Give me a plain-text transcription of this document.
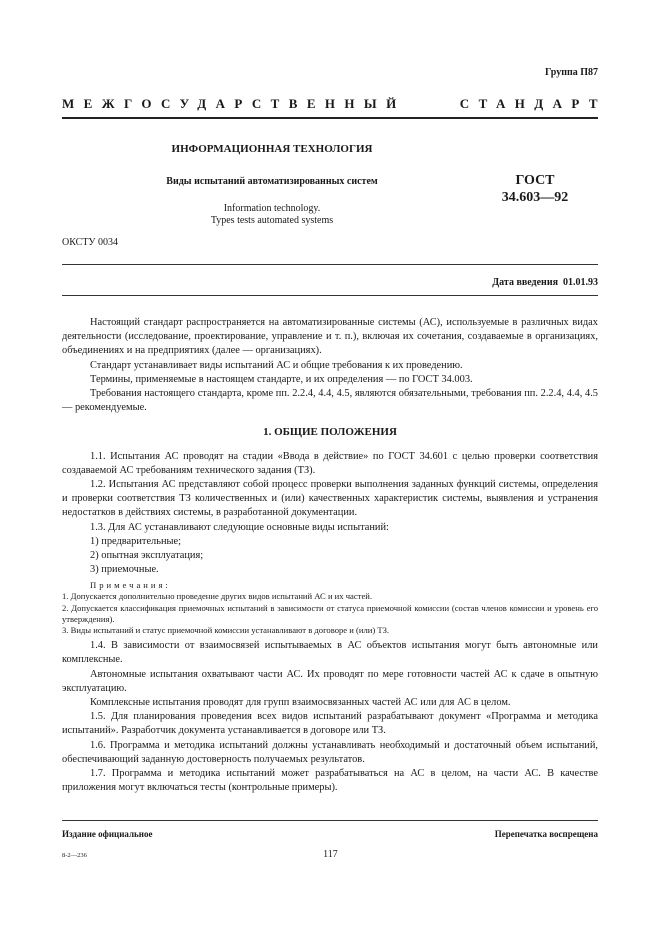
Группа П87

МЕЖГОСУДАРСТВЕННЫЙ	СТАНДАРТ

ИНФОРМАЦИОННАЯ ТЕХНОЛОГИЯ

Виды испытаний автоматизированных систем

Information technology.
Types tests automated systems
ГОСТ
34.603—92

ОКСТУ 0034

Дата введения 01.01.93

Настоящий стандарт распространяется на автоматизированные системы (АС), используемые в различных видах деятельности (исследование, проектирование, управление и т. п.), включая их сочетания, создаваемые в организациях, объединениях и на предприятиях (далее — организациях).

Стандарт устанавливает виды испытаний АС и общие требования к их проведению.

Термины, применяемые в настоящем стандарте, и их определения — по ГОСТ 34.003.

Требования настоящего стандарта, кроме пп. 2.2.4, 4.4, 4.5, являются обязательными, требования пп. 2.2.4, 4.4, 4.5 — рекомендуемые.

1. ОБЩИЕ ПОЛОЖЕНИЯ

1.1. Испытания АС проводят на стадии «Ввода в действие» по ГОСТ 34.601 с целью проверки соответствия создаваемой АС требованиям технического задания (ТЗ).

1.2. Испытания АС представляют собой процесс проверки выполнения заданных функций системы, определения и проверки соответствия ТЗ количественных и (или) качественных характеристик системы, выявления и устранения недостатков в действиях системы, в разработанной документации.

1.3. Для АС устанавливают следующие основные виды испытаний:

1) предварительные;

2) опытная эксплуатация;

3) приемочные.

Примечания:

1. Допускается дополнительно проведение других видов испытаний АС и их частей.

2. Допускается классификация приемочных испытаний в зависимости от статуса приемочной комиссии (состав членов комиссии и уровень его утверждения).

3. Виды испытаний и статус приемочной комиссии устанавливают в договоре и (или) ТЗ.

1.4. В зависимости от взаимосвязей испытываемых в АС объектов испытания могут быть автономные или комплексные.

Автономные испытания охватывают части АС. Их проводят по мере готовности частей АС к сдаче в опытную эксплуатацию.

Комплексные испытания проводят для групп взаимосвязанных частей АС или для АС в целом.

1.5. Для планирования проведения всех видов испытаний разрабатывают документ «Программа и методика испытаний». Разработчик документа устанавливается в договоре или ТЗ.

1.6. Программа и методика испытаний должны устанавливать необходимый и достаточный объем испытаний, обеспечивающий заданную достоверность получаемых результатов.

1.7. Программа и методика испытаний может разрабатываться на АС в целом, на части АС. В качестве приложения могут включаться тесты (контрольные примеры).

Издание официальное	Перепечатка воспрещена

8-2—236	117
